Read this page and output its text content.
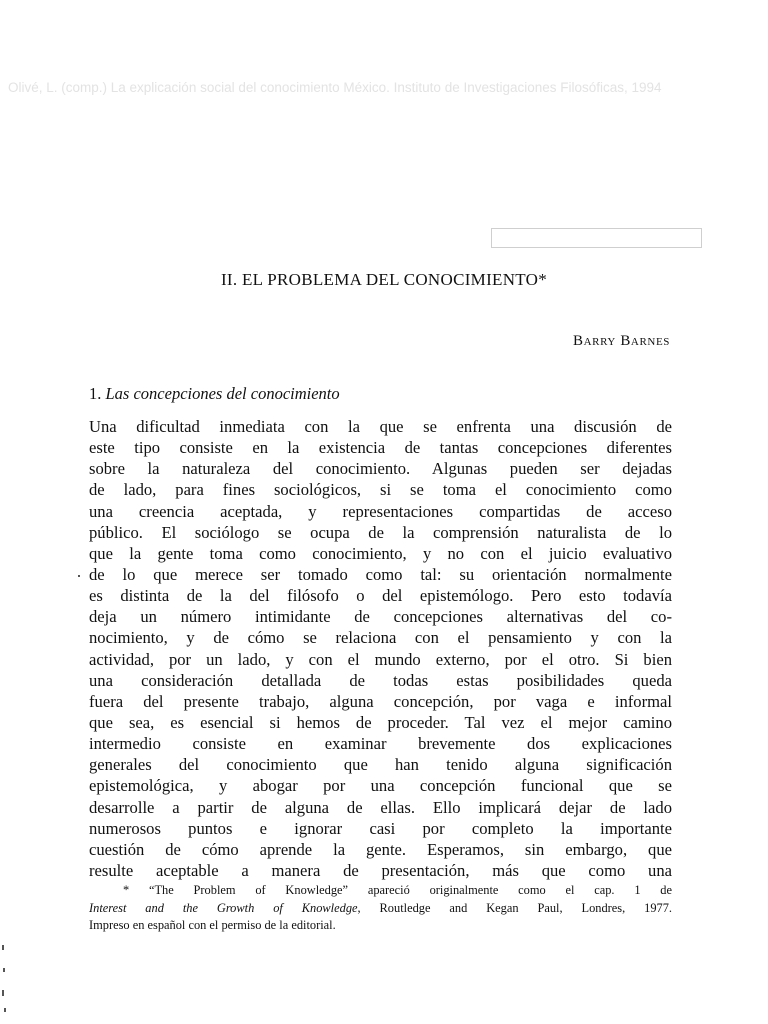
Olivé, L. (comp.) La explicación social del conocimiento México. Instituto de Investigaciones Filosóficas, 1994
II. EL PROBLEMA DEL CONOCIMIENTO*
Barry Barnes
1. Las concepciones del conocimiento
Una dificultad inmediata con la que se enfrenta una discusión de
este tipo consiste en la existencia de tantas concepciones diferentes
sobre la naturaleza del conocimiento. Algunas pueden ser dejadas
de lado, para fines sociológicos, si se toma el conocimiento como
una creencia aceptada, y representaciones compartidas de acceso
público. El sociólogo se ocupa de la comprensión naturalista de lo
que la gente toma como conocimiento, y no con el juicio evaluativo
de lo que merece ser tomado como tal: su orientación normalmente
es distinta de la del filósofo o del epistemólogo. Pero esto todavía
deja un número intimidante de concepciones alternativas del co-
nocimiento, y de cómo se relaciona con el pensamiento y con la
actividad, por un lado, y con el mundo externo, por el otro. Si bien
una consideración detallada de todas estas posibilidades queda
fuera del presente trabajo, alguna concepción, por vaga e informal
que sea, es esencial si hemos de proceder. Tal vez el mejor camino
intermedio consiste en examinar brevemente dos explicaciones
generales del conocimiento que han tenido alguna significación
epistemológica, y abogar por una concepción funcional que se
desarrolle a partir de alguna de ellas. Ello implicará dejar de lado
numerosos puntos e ignorar casi por completo la importante
cuestión de cómo aprende la gente. Esperamos, sin embargo, que
resulte aceptable a manera de presentación, más que como una
* “The Problem of Knowledge” apareció originalmente como el cap. 1 de
Interest and the Growth of Knowledge, Routledge and Kegan Paul, Londres, 1977.
Impreso en español con el permiso de la editorial.
